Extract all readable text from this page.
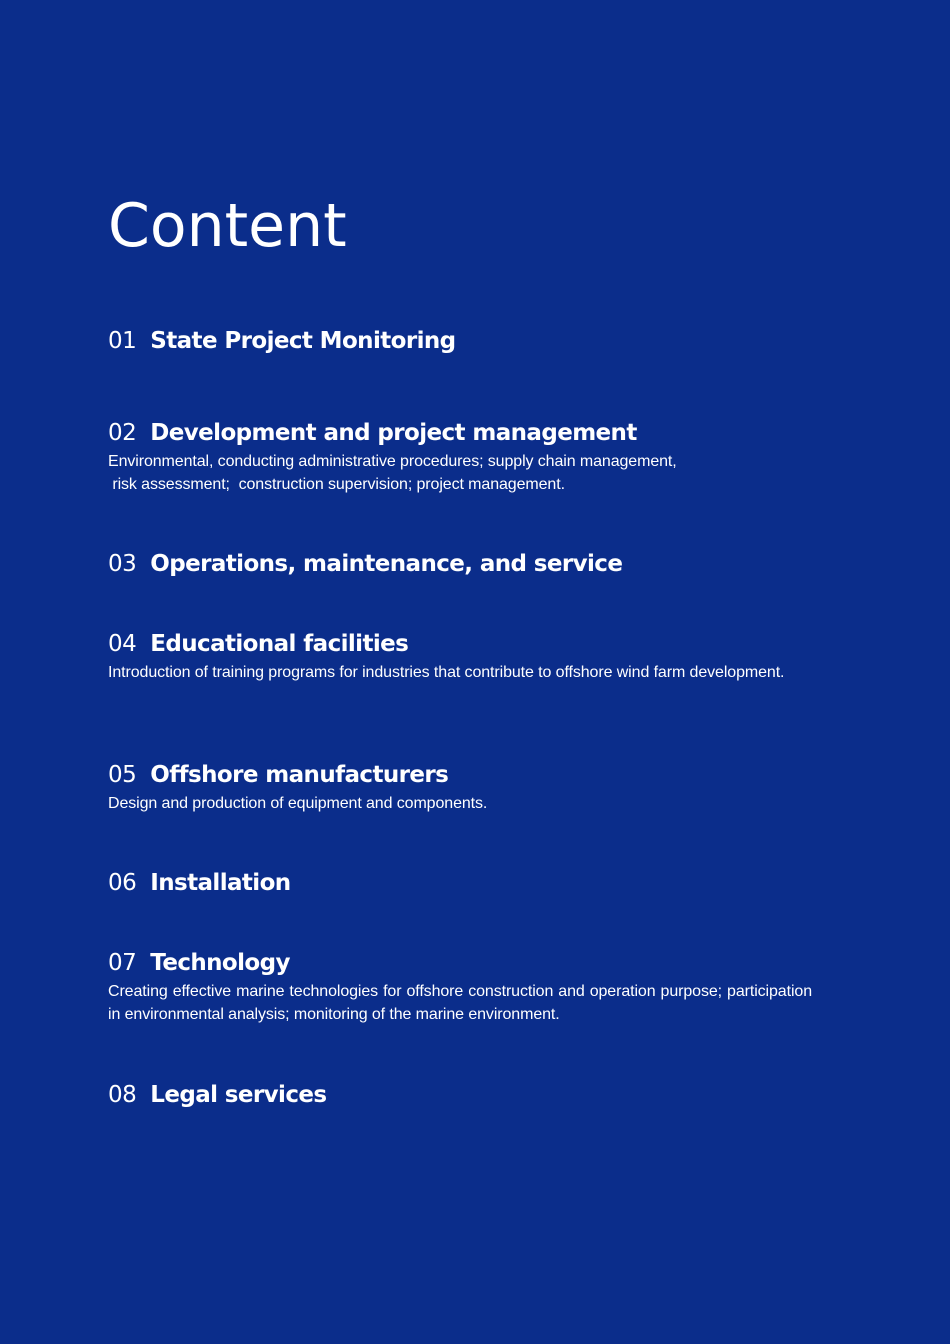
Content
01 State Project Monitoring
02 Development and project management

Environmental, conducting administrative procedures; supply chain management,
risk assessment;  construction supervision; project management.

03 Operations, maintenance, and service
04 Educational facilities

Introduction of training programs for industries that contribute to offshore wind farm development.

05 Offshore manufacturers

Design and production of equipment and components.

06 Installation
07 Technology

Creating effective marine technologies for offshore construction and operation purpose; participation in environmental analysis; monitoring of the marine environment.

08 Legal services
